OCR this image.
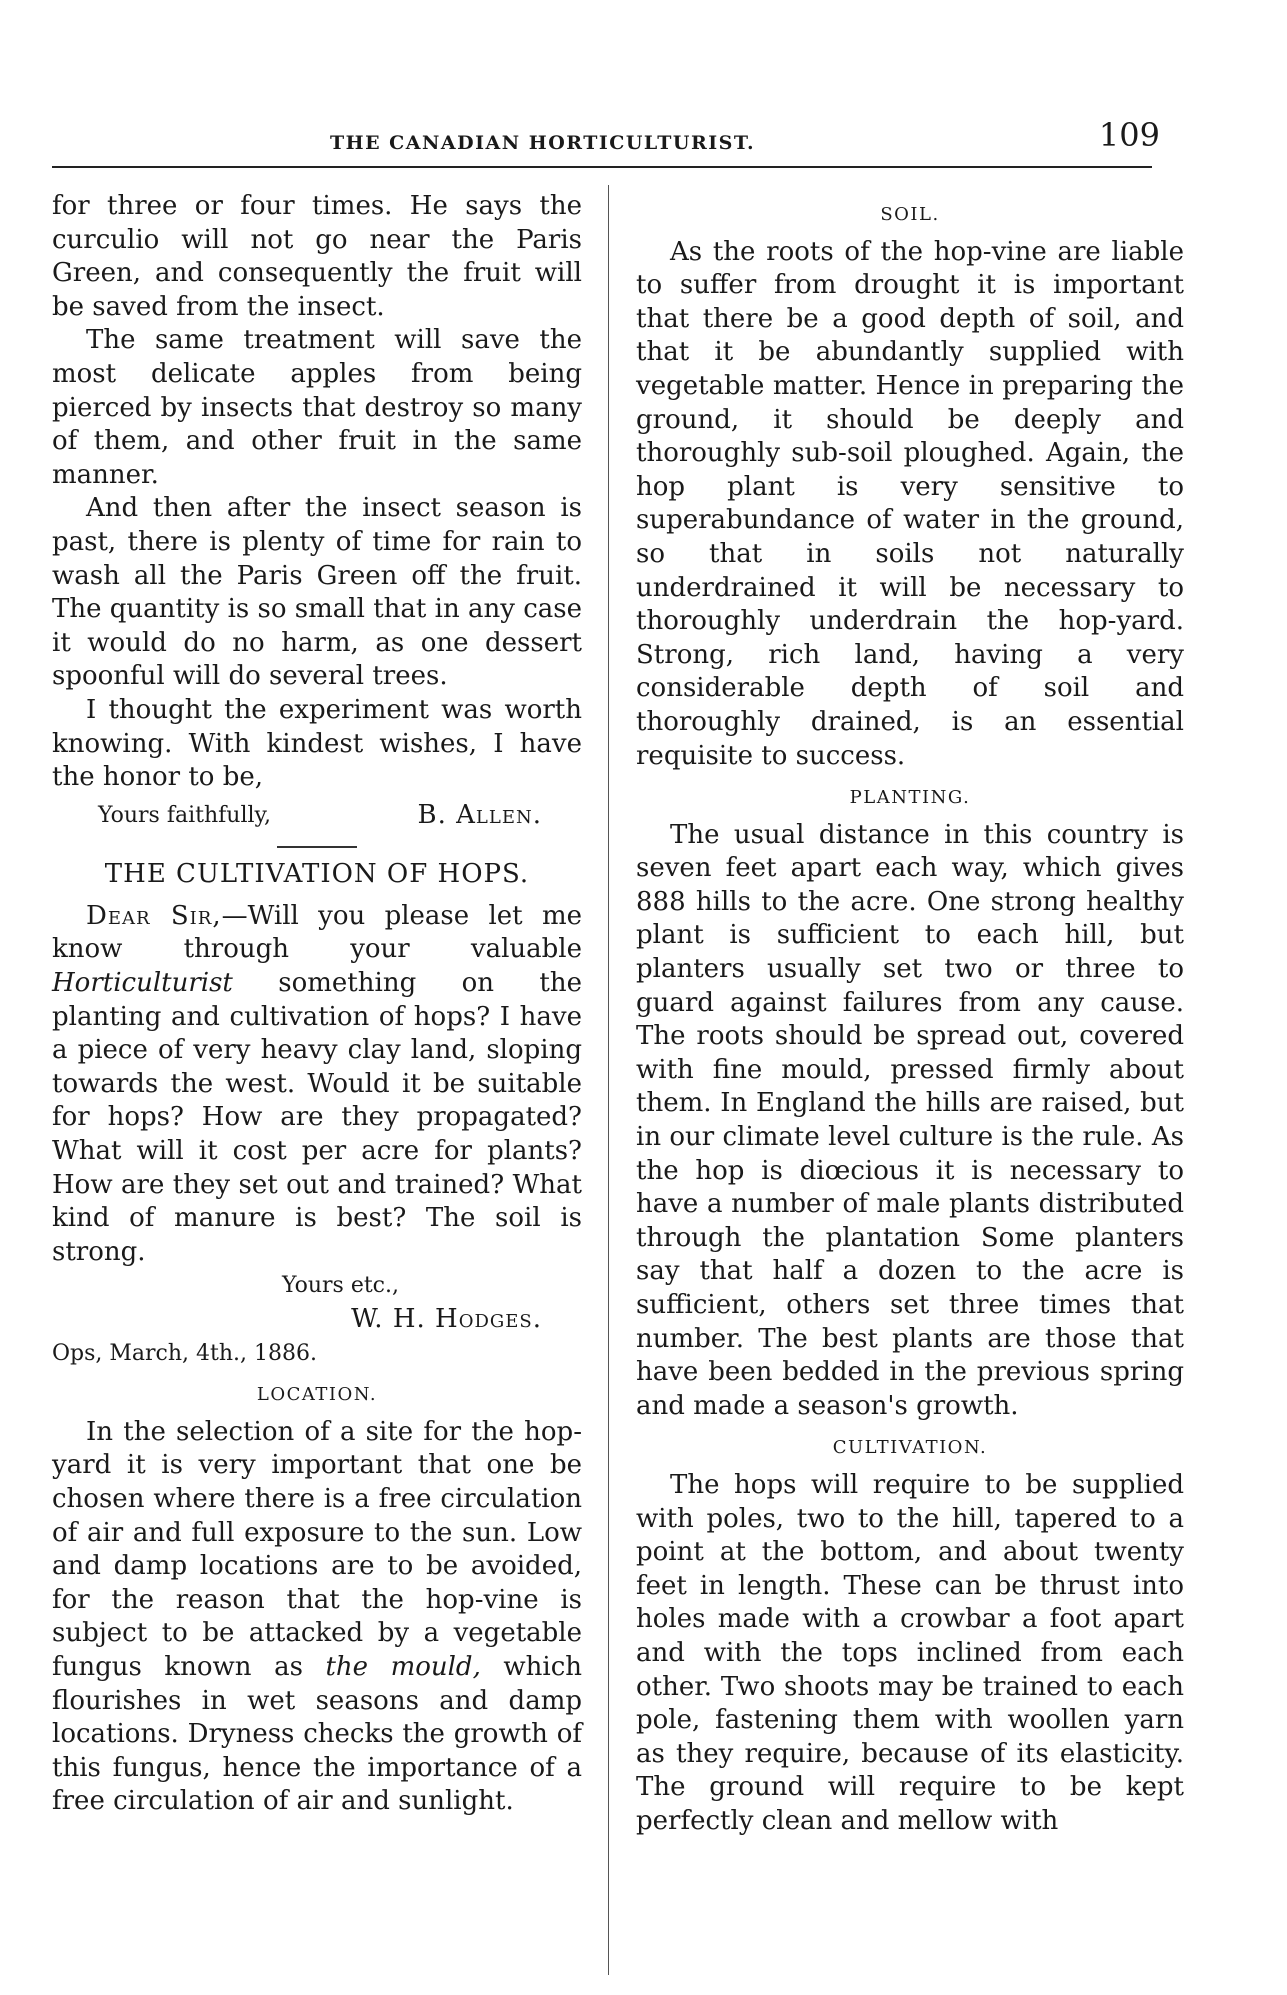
THE CANADIAN HORTICULTURIST.	109

for three or four times. He says the curculio will not go near the Paris Green, and consequently the fruit will be saved from the insect.

The same treatment will save the most delicate apples from being pierced by insects that destroy so many of them, and other fruit in the same manner.

And then after the insect season is past, there is plenty of time for rain to wash all the Paris Green off the fruit. The quantity is so small that in any case it would do no harm, as one dessert spoonful will do several trees.

I thought the experiment was worth knowing. With kindest wishes, I have the honor to be,

Yours faithfully,	B. Allen.
THE CULTIVATION OF HOPS.

Dear Sir,—Will you please let me know through your valuable Horticulturist something on the planting and cultivation of hops? I have a piece of very heavy clay land, sloping towards the west. Would it be suitable for hops? How are they propagated? What will it cost per acre for plants? How are they set out and trained? What kind of manure is best? The soil is strong.

Yours etc.,
W. H. Hodges.
Ops, March, 4th., 1886.
LOCATION.

In the selection of a site for the hop-yard it is very important that one be chosen where there is a free circulation of air and full exposure to the sun. Low and damp locations are to be avoided, for the reason that the hop-vine is subject to be attacked by a vegetable fungus known as the mould, which flourishes in wet seasons and damp locations. Dryness checks the growth of this fungus, hence the importance of a free circulation of air and sunlight.

SOIL.

As the roots of the hop-vine are liable to suffer from drought it is important that there be a good depth of soil, and that it be abundantly supplied with vegetable matter. Hence in preparing the ground, it should be deeply and thoroughly sub-soil ploughed. Again, the hop plant is very sensitive to superabundance of water in the ground, so that in soils not naturally underdrained it will be necessary to thoroughly underdrain the hop-yard. Strong, rich land, having a very considerable depth of soil and thoroughly drained, is an essential requisite to success.

PLANTING.

The usual distance in this country is seven feet apart each way, which gives 888 hills to the acre. One strong healthy plant is sufficient to each hill, but planters usually set two or three to guard against failures from any cause. The roots should be spread out, covered with fine mould, pressed firmly about them. In England the hills are raised, but in our climate level culture is the rule. As the hop is diœcious it is necessary to have a number of male plants distributed through the plantation Some planters say that half a dozen to the acre is sufficient, others set three times that number. The best plants are those that have been bedded in the previous spring and made a season's growth.

CULTIVATION.

The hops will require to be supplied with poles, two to the hill, tapered to a point at the bottom, and about twenty feet in length. These can be thrust into holes made with a crowbar a foot apart and with the tops inclined from each other. Two shoots may be trained to each pole, fastening them with woollen yarn as they require, because of its elasticity. The ground will require to be kept perfectly clean and mellow with
